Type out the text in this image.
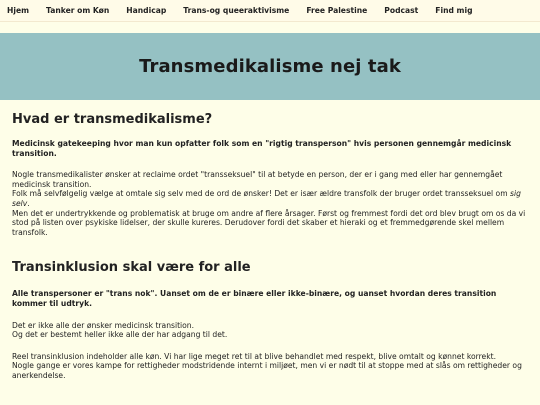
Hjem Tanker om Køn Handicap Trans-og queeraktivisme Free Palestine Podcast Find mig
Transmedikalisme nej tak
Hvad er transmedikalisme?

Medicinsk gatekeeping hvor man kun opfatter folk som en "rigtig transperson" hvis personen gennemgår medicinsk transition.

Nogle transmedikalister ønsker at reclaime ordet "transseksuel" til at betyde en person, der er i gang med eller har gennemgået medicinsk transition.
Folk må selvfølgelig vælge at omtale sig selv med de ord de ønsker! Det er især ældre transfolk der bruger ordet transseksuel om sig selv.
Men det er undertrykkende og problematisk at bruge om andre af flere årsager. Først og fremmest fordi det ord blev brugt om os da vi stod på listen over psykiske lidelser, der skulle kureres. Derudover fordi det skaber et hieraki og et fremmedgørende skel mellem transfolk.

Transinklusion skal være for alle

Alle transpersoner er "trans nok". Uanset om de er binære eller ikke-binære, og uanset hvordan deres transition kommer til udtryk.

Det er ikke alle der ønsker medicinsk transition.
Og det er bestemt heller ikke alle der har adgang til det.

Reel transinklusion indeholder alle køn. Vi har lige meget ret til at blive behandlet med respekt, blive omtalt og kønnet korrekt.
Nogle gange er vores kampe for rettigheder modstridende internt i miljøet, men vi er nødt til at stoppe med at slås om rettigheder og anerkendelse.
